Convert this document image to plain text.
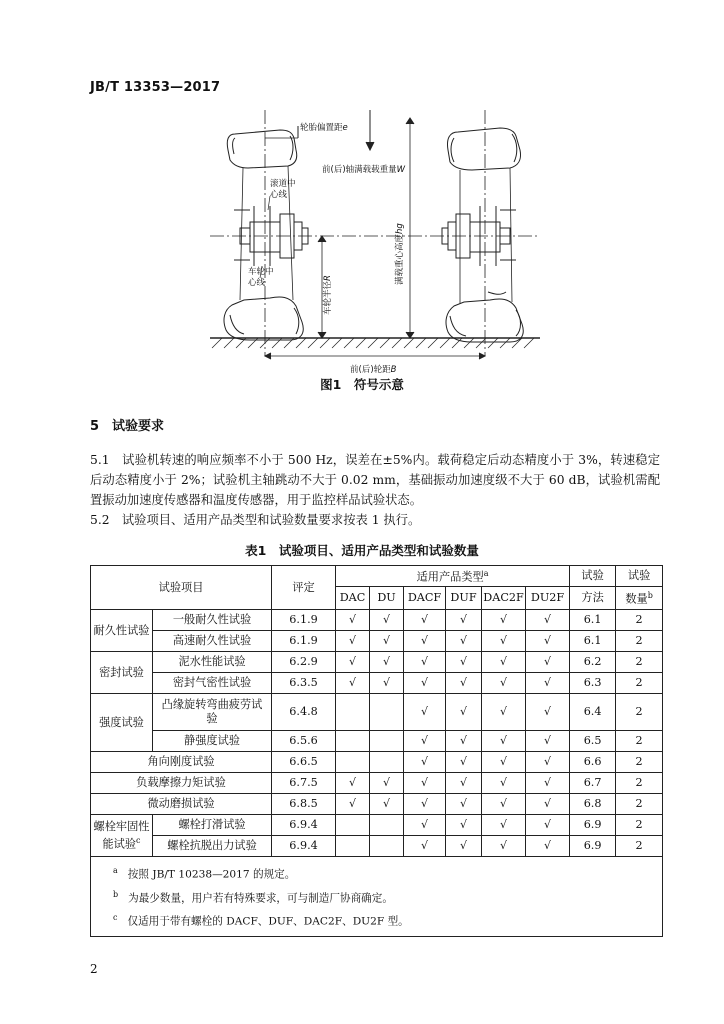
JB/T 13353—2017
轮胎偏置距e
前(后)轴满载载重量W
滚道中
心线
车轮中
心线	车轮半径R	满载重心高度hg
前(后)轮距B
图1　符号示意
5　试验要求
5.1　试验机转速的响应频率不小于 500 Hz，误差在±5%内。载荷稳定后动态精度小于 3%，转速稳定后动态精度小于 2%；试验机主轴跳动不大于 0.02 mm，基础振动加速度级不大于 60 dB，试验机需配置振动加速度传感器和温度传感器，用于监控样品试验状态。
5.2　试验项目、适用产品类型和试验数量要求按表 1 执行。
表1　试验项目、适用产品类型和试验数量
试验项目		评定	适用产品类型$^a$						试验	试验
			DAC	DU	DACF	DUF	DAC2F	DU2F	方法	数量$^b$
耐久性试验	一般耐久性试验	6.1.9	√	√	√	√	√	√	6.1	2
	高速耐久性试验	6.1.9	√	√	√	√	√	√	6.1	2
密封试验	泥水性能试验	6.2.9	√	√	√	√	√	√	6.2	2
	密封气密性试验	6.3.5	√	√	√	√	√	√	6.3	2
强度试验	凸缘旋转弯曲疲劳试
验	6.4.8			√	√	√	√	6.4	2
	静强度试验	6.5.6			√	√	√	√	6.5	2
角向刚度试验		6.6.5			√	√	√	√	6.6	2
负载摩擦力矩试验		6.7.5	√	√	√	√	√	√	6.7	2
微动磨损试验		6.8.5	√	√	√	√	√	√	6.8	2
螺栓牢固性
能试验$^c$	螺栓打滑试验	6.9.4			√	√	√	√	6.9	2
	螺栓抗脱出力试验	6.9.4			√	√	√	√	6.9	2

$^a$ 按照 JB/T 10238—2017 的规定。
$^b$ 为最少数量，用户若有特殊要求，可与制造厂协商确定。
$^c$ 仅适用于带有螺栓的 DACF、DUF、DAC2F、DU2F 型。										
2
